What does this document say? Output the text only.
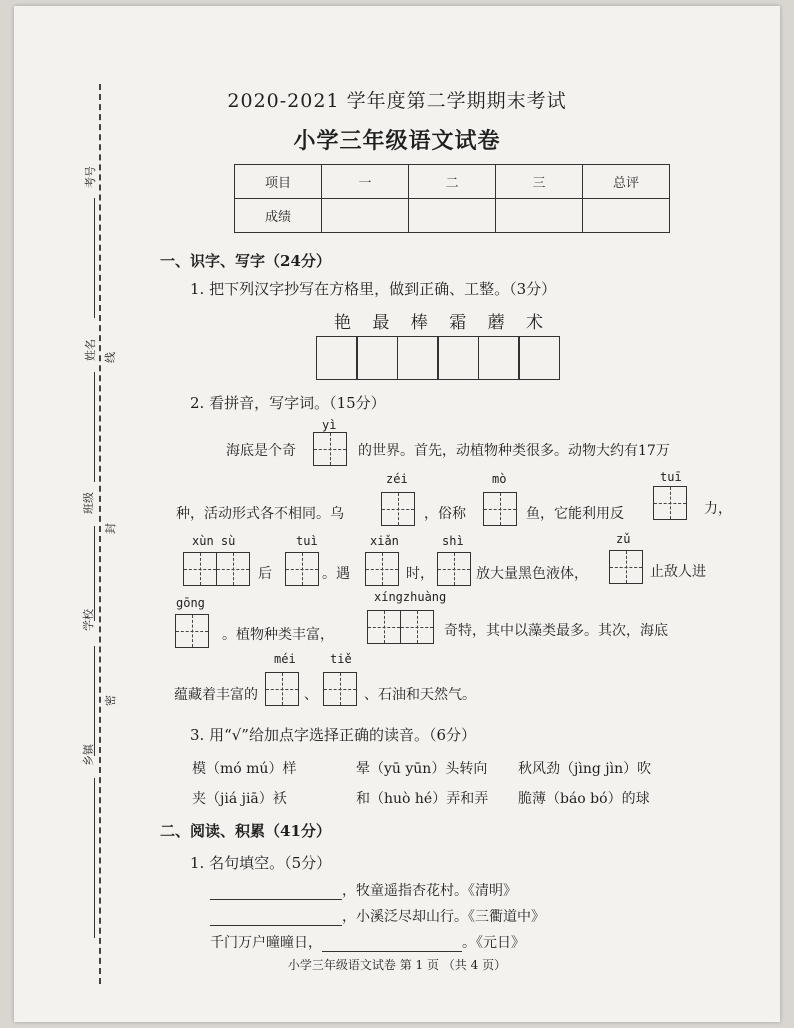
考号
姓名
班级
学校
乡镇
线
封
密
2020-2021 学年度第二学期期末考试
小学三年级语文试卷
项目	一	二	三	总评
成绩				
一、识字、写字（24分）
1. 把下列汉字抄写在方格里，做到正确、工整。（3分）
艳 最 棒 霜 蘑 术
2. 看拼音，写字词。（15分）
yì
海底是个奇	的世界。首先，动植物种类很多。动物大约有17万
zéi	mò	tuī
种，活动形式各不相同。乌	，俗称	鱼，它能利用反	力，
xùn sù	tuì	xiǎn	shì	zǔ
后	。遇	时，	放大量黑色液体，	止敌人进
gōng	xíngzhuàng
。植物种类丰富，	奇特，其中以藻类最多。其次，海底
méi	tiě
蕴藏着丰富的	、	、石油和天然气。
3. 用“√”给加点字选择正确的读音。（6分）
模（mó mú）样	晕（yū yūn）头转向 秋风劲（jìng jìn）吹
夹（jiá jiā）袄	和（huò hé）弄和弄 脆薄（báo bó）的球
二、阅读、积累（41分）
1. 名句填空。（5分）
，牧童遥指杏花村。《清明》
，小溪泛尽却山行。《三衢道中》
千门万户曈曈日，	。《元日》
小学三年级语文试卷 第 1 页 （共 4 页）
